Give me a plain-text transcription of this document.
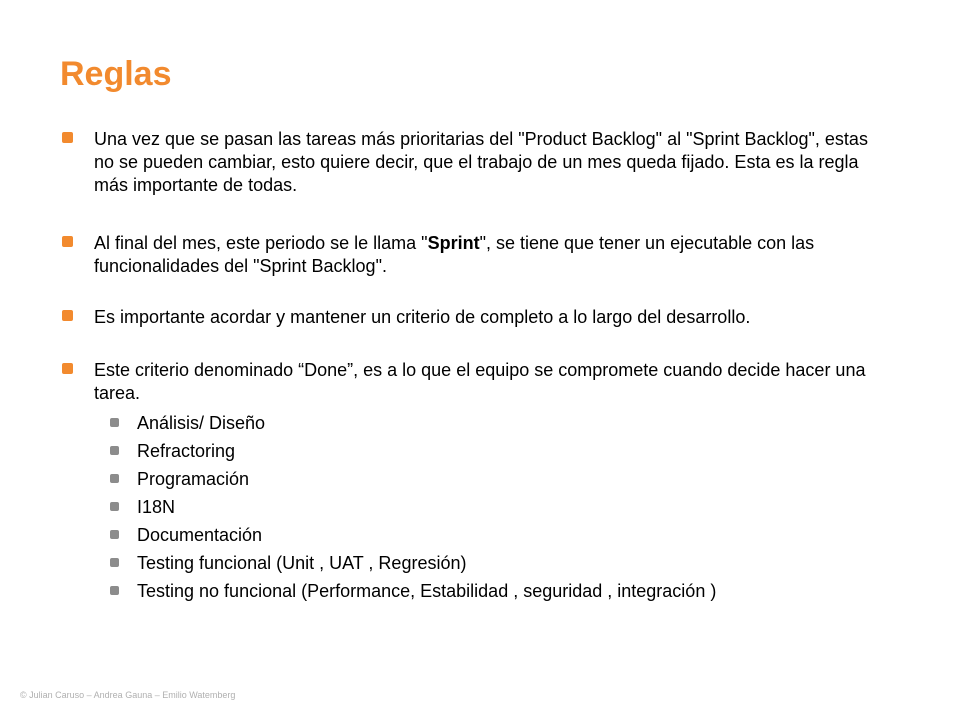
Reglas
Una vez que se pasan las tareas más prioritarias del "Product Backlog" al "Sprint Backlog", estas no se pueden cambiar, esto quiere decir, que el trabajo de un mes queda fijado. Esta es la regla más importante de todas.
Al final del mes, este periodo se le llama "Sprint", se tiene que tener un ejecutable con las funcionalidades del "Sprint Backlog".
Es importante acordar y mantener un criterio de completo a lo largo del desarrollo.
Este criterio denominado “Done”, es a lo que el equipo se compromete cuando decide hacer una tarea.
Análisis/ Diseño
Refractoring
Programación
I18N
Documentación
Testing funcional (Unit , UAT , Regresión)
Testing no funcional (Performance, Estabilidad , seguridad , integración )
© Julian Caruso – Andrea Gauna – Emilio Watemberg
